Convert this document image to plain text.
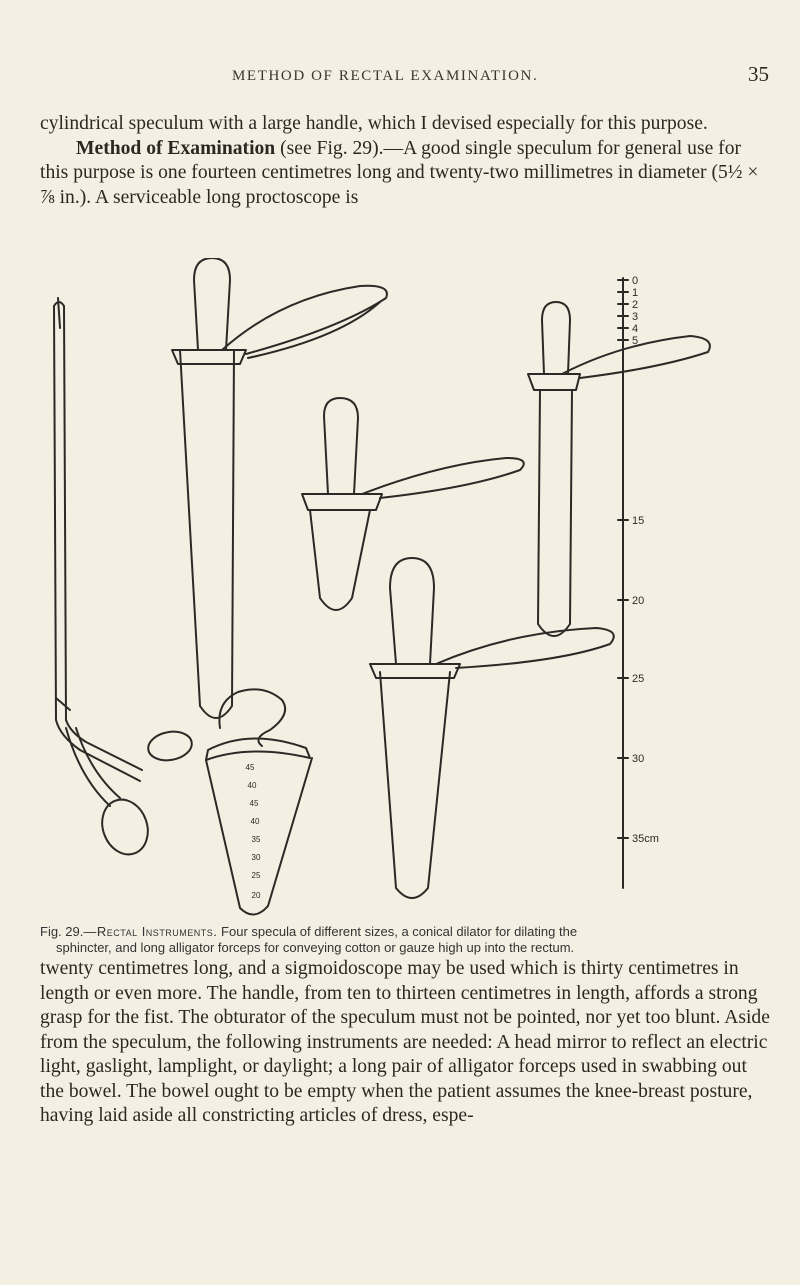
METHOD OF RECTAL EXAMINATION.	35

cylindrical speculum with a large handle, which I devised especially for this purpose.

Method of Examination (see Fig. 29).—A good single speculum for general use for this purpose is one fourteen centimetres long and twenty-two millimetres in diameter (5½ × ⅞ in.). A serviceable long proctoscope is

0
1
2
3
4
5
15
20
25
30
35cm
45
40
45
40
35
30
25
20
Fig. 29.—Rectal Instruments. Four specula of different sizes, a conical dilator for dilating the
sphincter, and long alligator forceps for conveying cotton or gauze high up into the rectum.

twenty centimetres long, and a sigmoidoscope may be used which is thirty centimetres in length or even more. The handle, from ten to thirteen centimetres in length, affords a strong grasp for the fist. The obturator of the speculum must not be pointed, nor yet too blunt. Aside from the speculum, the following instruments are needed: A head mirror to reflect an electric light, gaslight, lamplight, or daylight; a long pair of alligator forceps used in swabbing out the bowel. The bowel ought to be empty when the patient assumes the knee-breast posture, having laid aside all constricting articles of dress, espe-
